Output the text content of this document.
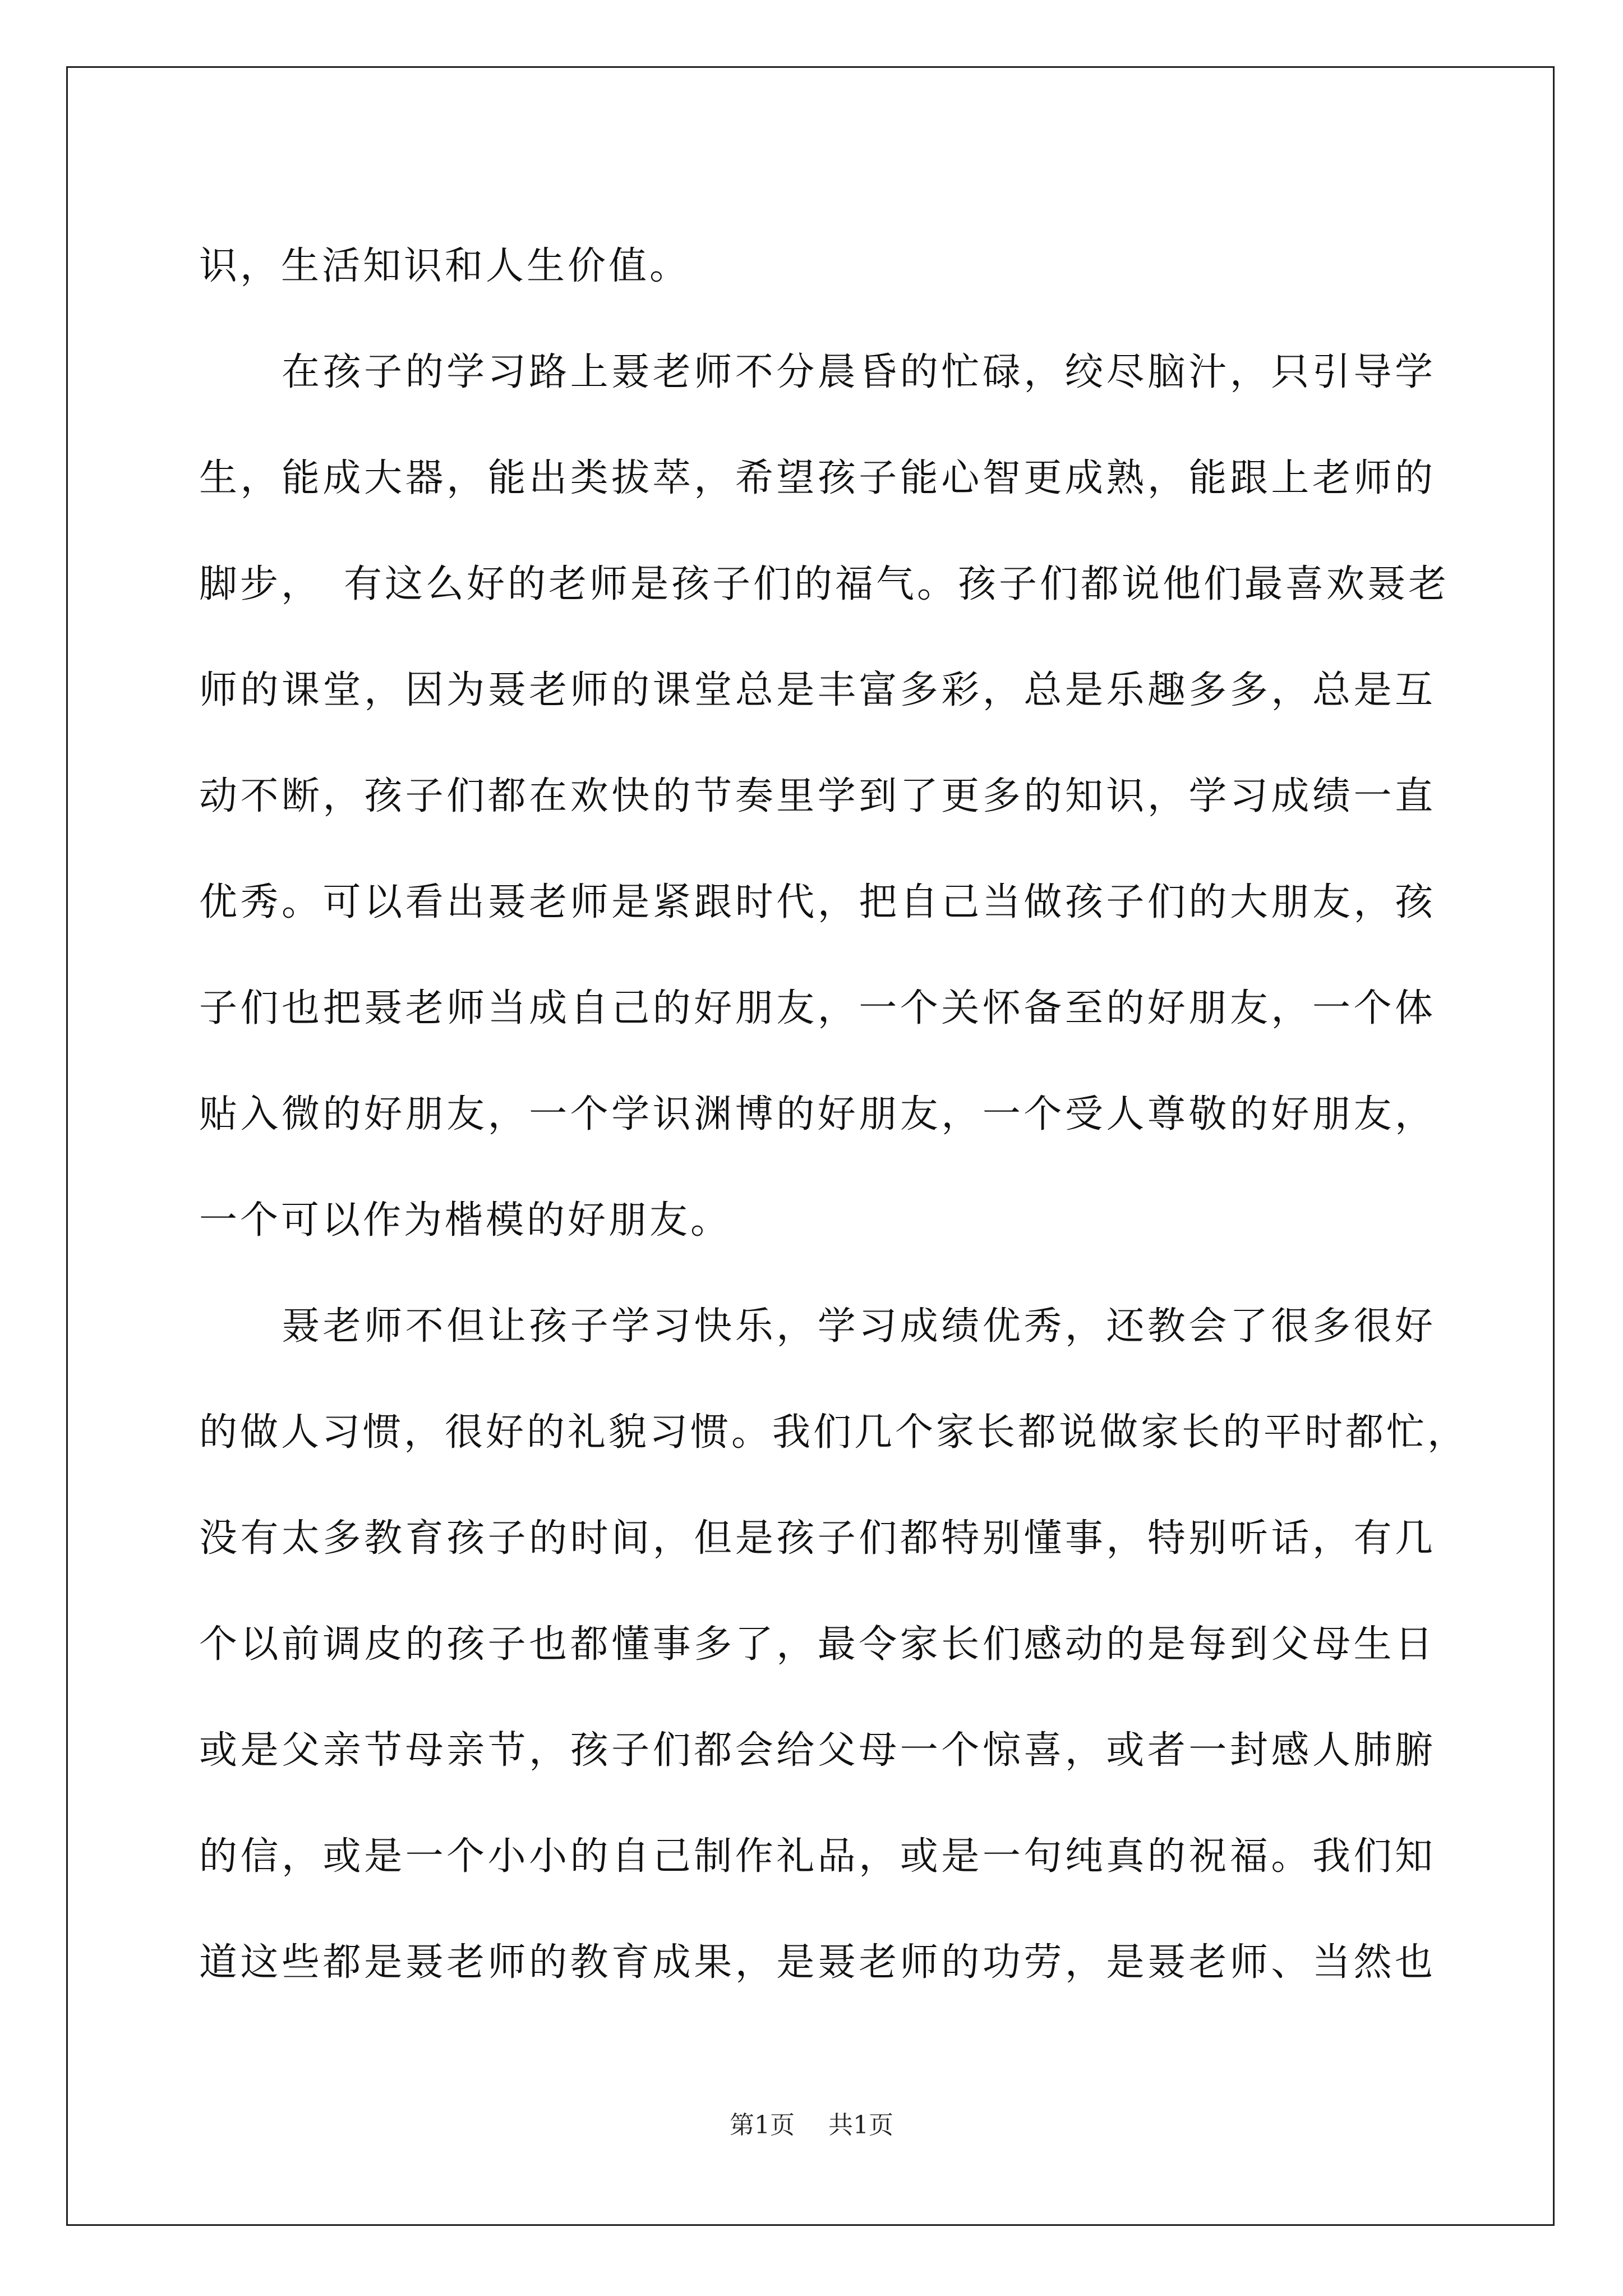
识，生活知识和人生价值。
　　在孩子的学习路上聂老师不分晨昏的忙碌，绞尽脑汁，只引导学
生，能成大器，能出类拔萃，希望孩子能心智更成熟，能跟上老师的
脚步，　有这么好的老师是孩子们的福气。孩子们都说他们最喜欢聂老
师的课堂，因为聂老师的课堂总是丰富多彩，总是乐趣多多，总是互
动不断，孩子们都在欢快的节奏里学到了更多的知识，学习成绩一直
优秀。可以看出聂老师是紧跟时代，把自己当做孩子们的大朋友，孩
子们也把聂老师当成自己的好朋友，一个关怀备至的好朋友，一个体
贴入微的好朋友，一个学识渊博的好朋友，一个受人尊敬的好朋友，
一个可以作为楷模的好朋友。
　　聂老师不但让孩子学习快乐，学习成绩优秀，还教会了很多很好
的做人习惯，很好的礼貌习惯。我们几个家长都说做家长的平时都忙，
没有太多教育孩子的时间，但是孩子们都特别懂事，特别听话，有几
个以前调皮的孩子也都懂事多了，最令家长们感动的是每到父母生日
或是父亲节母亲节，孩子们都会给父母一个惊喜，或者一封感人肺腑
的信，或是一个小小的自己制作礼品，或是一句纯真的祝福。我们知
道这些都是聂老师的教育成果，是聂老师的功劳，是聂老师、当然也
第1页 共1页
